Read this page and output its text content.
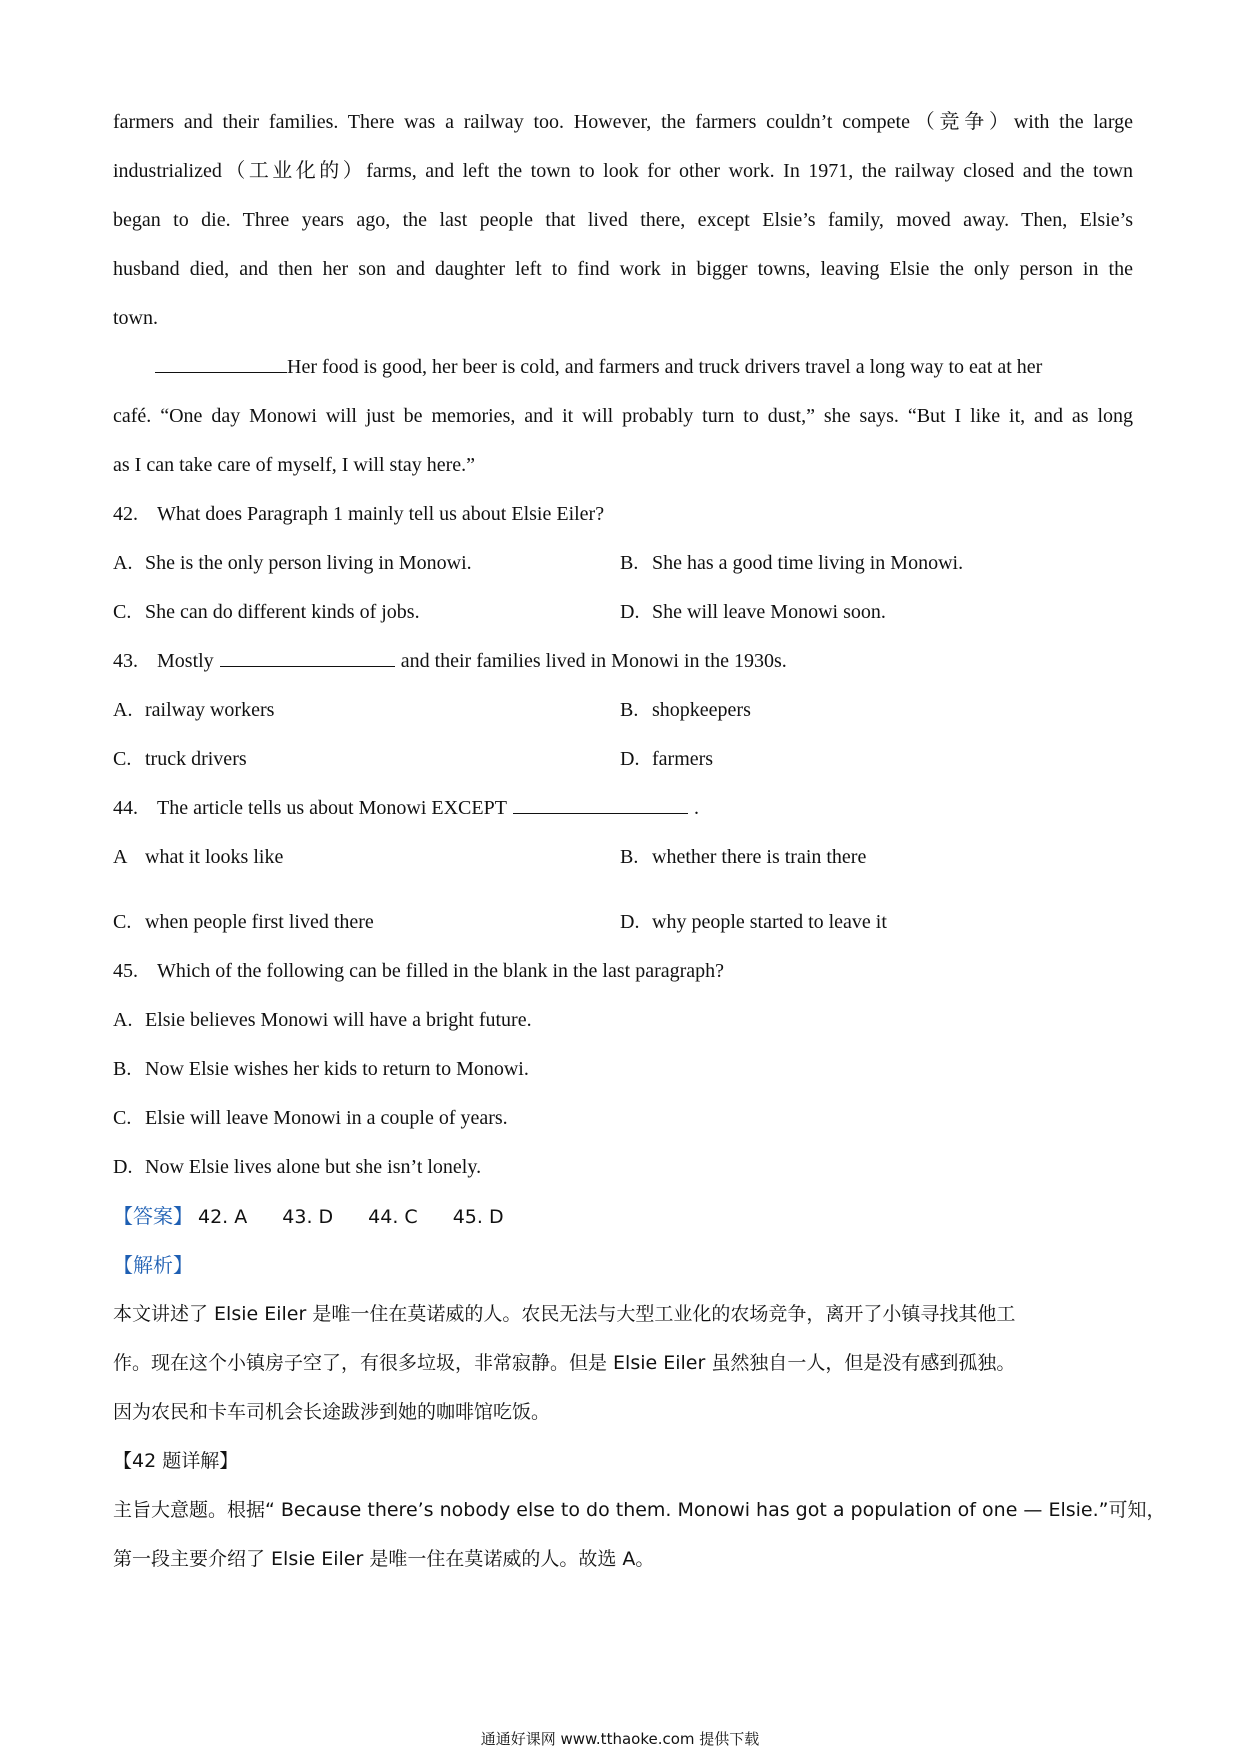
farmers and their families. There was a railway too. However, the farmers couldn’t compete（竞争）with the large
industrialized（工业化的）farms, and left the town to look for other work. In 1971, the railway closed and the town
began to die. Three years ago, the last people that lived there, except Elsie’s family, moved away. Then, Elsie’s
husband died, and then her son and daughter left to find work in bigger towns, leaving Elsie the only person in the
town.
Her food is good, her beer is cold, and farmers and truck drivers travel a long way to eat at her
café. “One day Monowi will just be memories, and it will probably turn to dust,” she says. “But I like it, and as long
as I can take care of myself, I will stay here.”
42. What does Paragraph 1 mainly tell us about Elsie Eiler?
A. She is the only person living in Monowi.	B. She has a good time living in Monowi.
C. She can do different kinds of jobs.	D. She will leave Monowi soon.
43. Mostly	and their families lived in Monowi in the 1930s.
A. railway workers	B. shopkeepers
C. truck drivers	D. farmers
44. The article tells us about Monowi EXCEPT	.
A what it looks like	B. whether there is train there
C. when people first lived there	D. why people started to leave it
45. Which of the following can be filled in the blank in the last paragraph?
A. Elsie believes Monowi will have a bright future.
B. Now Elsie wishes her kids to return to Monowi.
C. Elsie will leave Monowi in a couple of years.
D. Now Elsie lives alone but she isn’t lonely.
【答案】 42. A 43. D 44. C 45. D
【解析】
本文讲述了 Elsie Eiler 是唯一住在莫诺威的人。农民无法与大型工业化的农场竞争，离开了小镇寻找其他工
作。现在这个小镇房子空了，有很多垃圾，非常寂静。但是 Elsie Eiler 虽然独自一人，但是没有感到孤独。
因为农民和卡车司机会长途跋涉到她的咖啡馆吃饭。
【42 题详解】
主旨大意题。根据“ Because there’s nobody else to do them. Monowi has got a population of one — Elsie.”可知，
第一段主要介绍了 Elsie Eiler 是唯一住在莫诺威的人。故选 A。
通通好课网 www.tthaoke.com 提供下载
